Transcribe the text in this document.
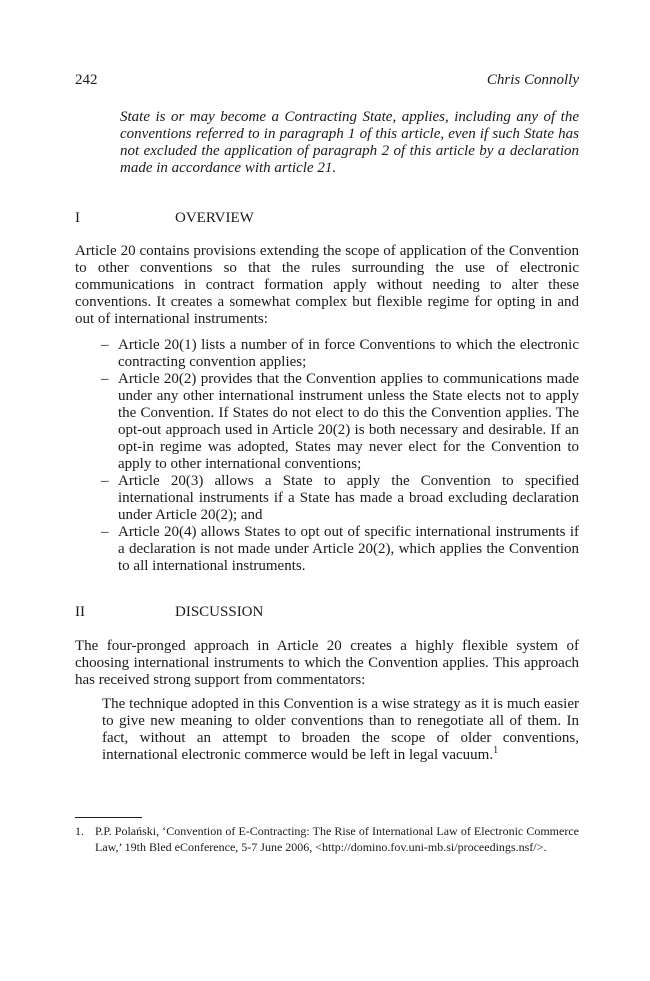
242	Chris Connolly
State is or may become a Contracting State, applies, including any of the conventions referred to in paragraph 1 of this article, even if such State has not excluded the application of paragraph 2 of this article by a declaration made in accordance with article 21.
I	OVERVIEW
Article 20 contains provisions extending the scope of application of the Convention to other conventions so that the rules surrounding the use of electronic communications in contract formation apply without needing to alter these conventions. It creates a somewhat complex but flexible regime for opting in and out of international instruments:
– Article 20(1) lists a number of in force Conventions to which the electronic contracting convention applies;
– Article 20(2) provides that the Convention applies to communications made under any other international instrument unless the State elects not to apply the Convention. If States do not elect to do this the Convention applies. The opt-out approach used in Article 20(2) is both necessary and desirable. If an opt-in regime was adopted, States may never elect for the Convention to apply to other international conventions;
– Article 20(3) allows a State to apply the Convention to specified international instruments if a State has made a broad excluding declaration under Article 20(2); and
– Article 20(4) allows States to opt out of specific international instruments if a declaration is not made under Article 20(2), which applies the Convention to all international instruments.
II	DISCUSSION
The four-pronged approach in Article 20 creates a highly flexible system of choosing international instruments to which the Convention applies. This approach has received strong support from commentators:
The technique adopted in this Convention is a wise strategy as it is much easier to give new meaning to older conventions than to renegotiate all of them. In fact, without an attempt to broaden the scope of older conventions, international electronic commerce would be left in legal vacuum.$^1$
1. P.P. Polański, ‘Convention of E-Contracting: The Rise of International Law of Electronic Commerce Law,’ 19th Bled eConference, 5-7 June 2006, <http://domino.fov.uni-mb.si/proceedings.nsf/>.
